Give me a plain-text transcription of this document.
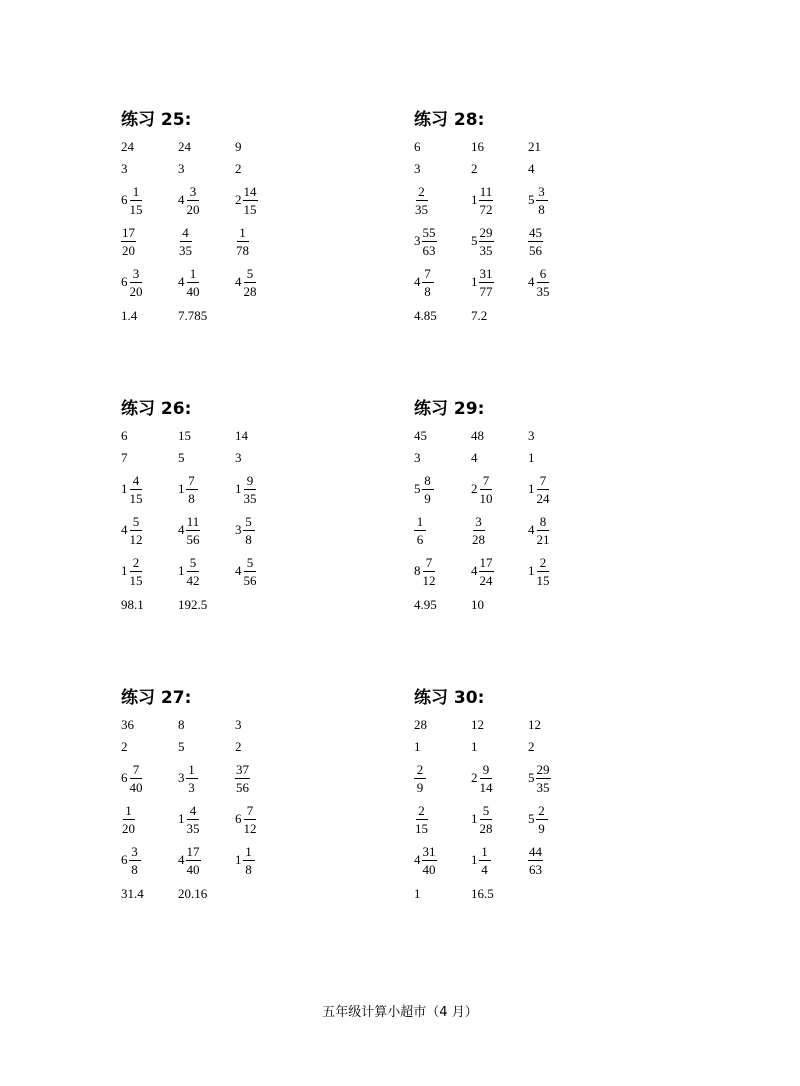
练习 25:
24	24	9
3	3	2
$6 \frac{1}{15}$	$4 \frac{3}{20}$	$2 \frac{14}{15}$
$\frac{17}{20}$	$\frac{4}{35}$	$\frac{1}{78}$
$6 \frac{3}{20}$	$4 \frac{1}{40}$	$4 \frac{5}{28}$
1.4	7.785
练习 28:
6	16	21
3	2	4
$\frac{2}{35}$	$1 \frac{11}{72}$	$5 \frac{3}{8}$
$3 \frac{55}{63}$	$5 \frac{29}{35}$	$\frac{45}{56}$
$4 \frac{7}{8}$	$1 \frac{31}{77}$	$4 \frac{6}{35}$
4.85	7.2
练习 26:
6	15	14
7	5	3
$1 \frac{4}{15}$	$1 \frac{7}{8}$	$1 \frac{9}{35}$
$4 \frac{5}{12}$	$4 \frac{11}{56}$	$3 \frac{5}{8}$
$1 \frac{2}{15}$	$1 \frac{5}{42}$	$4 \frac{5}{56}$
98.1	192.5
练习 29:
45	48	3
3	4	1
$5 \frac{8}{9}$	$2 \frac{7}{10}$	$1 \frac{7}{24}$
$\frac{1}{6}$	$\frac{3}{28}$	$4 \frac{8}{21}$
$8 \frac{7}{12}$	$4 \frac{17}{24}$	$1 \frac{2}{15}$
4.95	10
练习 27:
36	8	3
2	5	2
$6 \frac{7}{40}$	$3 \frac{1}{3}$	$\frac{37}{56}$
$\frac{1}{20}$	$1 \frac{4}{35}$	$6 \frac{7}{12}$
$6 \frac{3}{8}$	$4 \frac{17}{40}$	$1 \frac{1}{8}$
31.4	20.16
练习 30:
28	12	12
1	1	2
$\frac{2}{9}$	$2 \frac{9}{14}$	$5 \frac{29}{35}$
$\frac{2}{15}$	$1 \frac{5}{28}$	$5 \frac{2}{9}$
$4 \frac{31}{40}$	$1 \frac{1}{4}$	$\frac{44}{63}$
1	16.5
五年级计算小超市（4 月）
